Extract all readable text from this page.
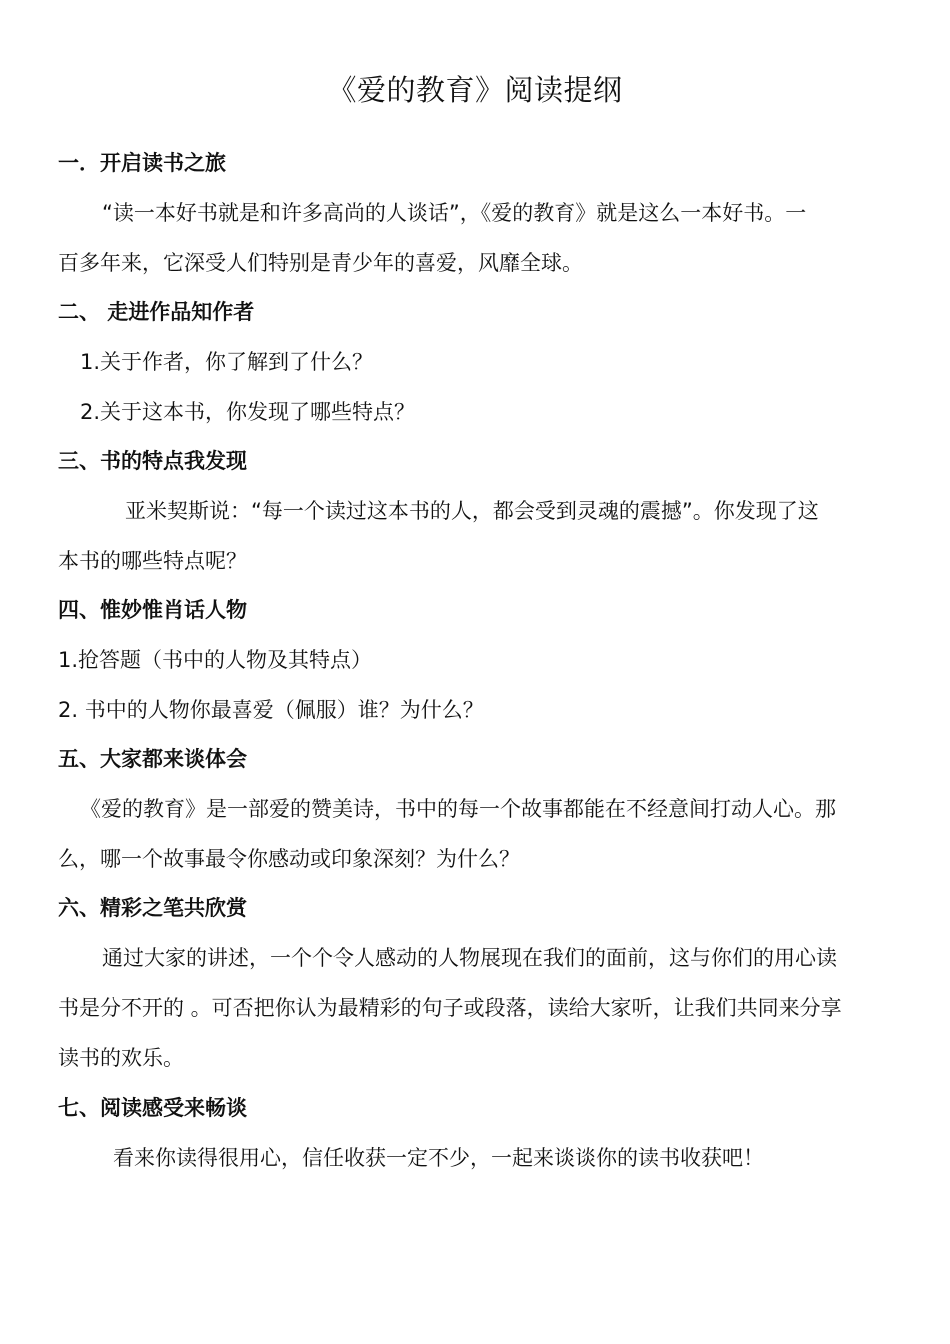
《爱的教育》阅读提纲
一．开启读书之旅
“读一本好书就是和许多高尚的人谈话”，《爱的教育》就是这么一本好书。一
百多年来，它深受人们特别是青少年的喜爱，风靡全球。
二、 走进作品知作者
1.关于作者，你了解到了什么？
2.关于这本书，你发现了哪些特点？
三、书的特点我发现
亚米契斯说：“每一个读过这本书的人，都会受到灵魂的震撼”。你发现了这
本书的哪些特点呢？
四、惟妙惟肖话人物
1.抢答题（书中的人物及其特点）
2. 书中的人物你最喜爱（佩服）谁？为什么？
五、大家都来谈体会
《爱的教育》是一部爱的赞美诗，书中的每一个故事都能在不经意间打动人心。那
么，哪一个故事最令你感动或印象深刻？为什么？
六、精彩之笔共欣赏
通过大家的讲述，一个个令人感动的人物展现在我们的面前，这与你们的用心读
书是分不开的 。可否把你认为最精彩的句子或段落，读给大家听，让我们共同来分享
读书的欢乐。
七、阅读感受来畅谈
看来你读得很用心，信任收获一定不少，一起来谈谈你的读书收获吧！
